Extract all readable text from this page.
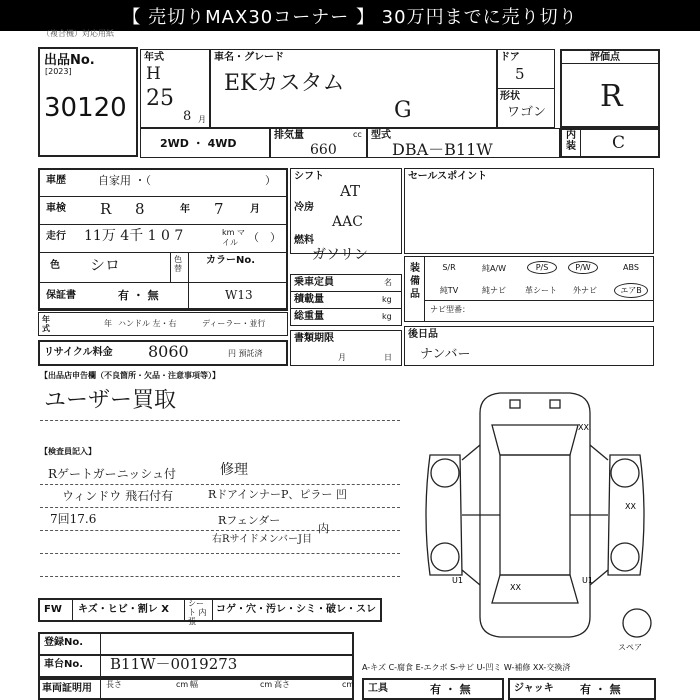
【 売切りMAX30コーナー 】 30万円までに売り切り
（複合機）対応用紙
出品No.
[2023]
30120
年式
H
25
8 月
車名・グレード
EKカスタム
G
ドア
5
形状
ワゴン
評価点
R
内装 C
2WD ・ 4WD
排気量	cc
660
型式
DBA－B11W
車歴	自家用 ・（	）
車検 R 8	年 7	月
走行 11万 4千 1 0 7	km マイル （　）
色 シロ	色替
カラーNo.
W13
保証書	有 ・ 無
年式
年 ハンドル 左・右	ディーラー・並行
リサイクル料金 8060	円 預託済
シフト
AT
冷房
AAC
燃料
ガソリン
乗車定員	名
積載量	kg
総重量	kg
書類期限
月	日
セールスポイント
装備品
S/R	純A/W	P/S	P/W	ABS
純TV	純ナビ	革シート	外ナビ	エアB
ナビ型番：
後日品
ナンバー
【出品店申告欄（不良箇所・欠品・注意事項等）】
ユーザー買取
【検査員記入】
Rゲートガーニッシュ付
ウィンドウ 飛石付有
7回17.6
修理
RドアインナーP、ピラー 凹
Rフェンダー
右RサイドメンバーJ目
内
FW キズ・ヒビ・割レ X
シート 内張
コゲ・穴・汚レ・シミ・破レ・スレ
登録No.
車台No. B11W－0019273
車両証明用 長さ	cm 幅	cm 高さ	cm
XX
XX
U1	U1
XX
スペア
A-キズ C-腐食 E-エクボ S-サビ U-凹ミ W-補修 XX-交換済
工具	有 ・ 無	ジャッキ 有 ・ 無
